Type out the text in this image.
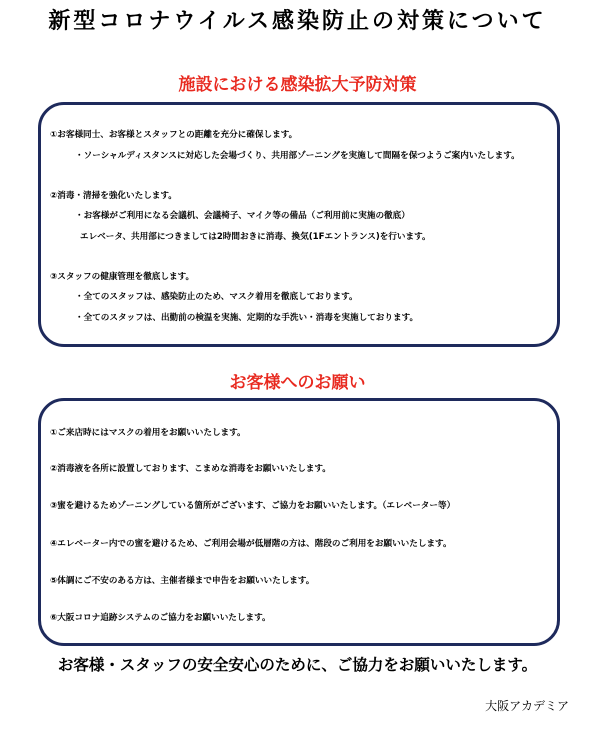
新型コロナウイルス感染防止の対策について
施設における感染拡大予防対策
①お客様同士、お客様とスタッフとの距離を充分に確保します。
・ソーシャルディスタンスに対応した会場づくり、共用部ゾーニングを実施して間隔を保つようご案内いたします。
②消毒・清掃を強化いたします。
・お客様がご利用になる会議机、会議椅子、マイク等の備品（ご利用前に実施の徹底）
エレベータ、共用部につきましては2時間おきに消毒、換気(1Fエントランス)を行います。
③スタッフの健康管理を徹底します。
・全てのスタッフは、感染防止のため、マスク着用を徹底しております。
・全てのスタッフは、出勤前の検温を実施、定期的な手洗い・消毒を実施しております。
お客様へのお願い
①ご来店時にはマスクの着用をお願いいたします。
②消毒液を各所に設置しております、こまめな消毒をお願いいたします。
③蜜を避けるためゾーニングしている箇所がございます、ご協力をお願いいたします。（エレベーター等）
④エレベーター内での蜜を避けるため、ご利用会場が低層階の方は、階段のご利用をお願いいたします。
⑤体調にご不安のある方は、主催者様まで申告をお願いいたします。
⑥大阪コロナ追跡システムのご協力をお願いいたします。
お客様・スタッフの安全安心のために、ご協力をお願いいたします。
大阪アカデミア
